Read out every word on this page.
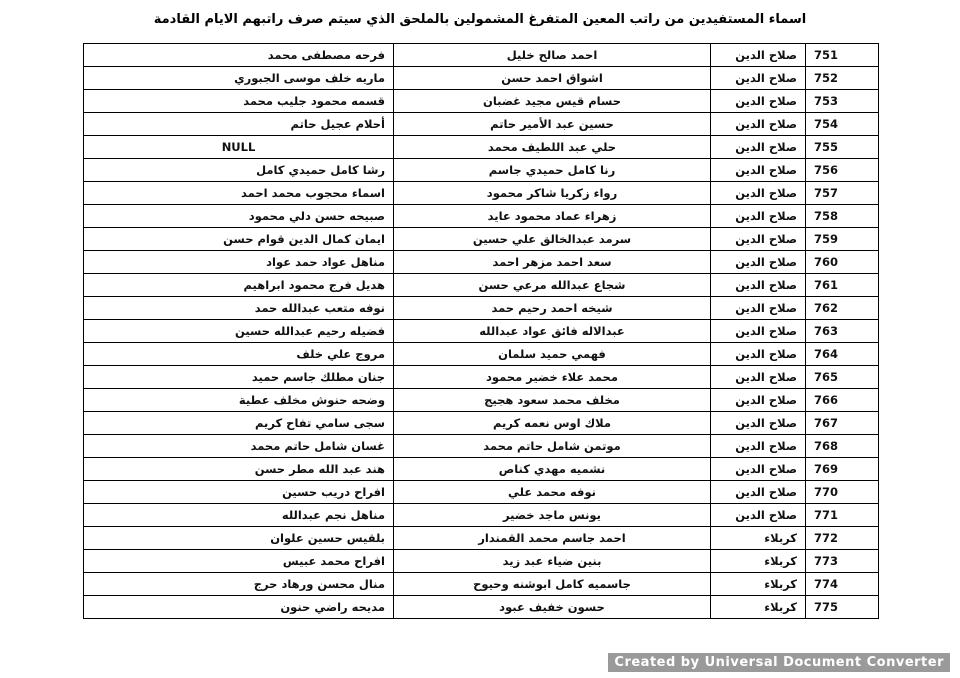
اسماء المستفيدين من راتب المعين المتفرغ المشمولين بالملحق الذي سيتم صرف راتبهم الايام القادمة
751	صلاح الدين	احمد صالح خليل	فرحه مصطفى محمد
752	صلاح الدين	اشواق احمد حسن	ماريه خلف موسى الجبوري
753	صلاح الدين	حسام قيس مجيد غضبان	قسمه محمود جليب محمد
754	صلاح الدين	حسين عبد الأمير حاتم	أحلام عجيل حاتم
755	صلاح الدين	حلي عبد اللطيف محمد	NULL
756	صلاح الدين	رنا كامل حميدي جاسم	رشا كامل حميدي كامل
757	صلاح الدين	رواء زكريا شاكر محمود	اسماء محجوب محمد احمد
758	صلاح الدين	زهراء عماد محمود عايد	صبيحه حسن دلي محمود
759	صلاح الدين	سرمد عبدالخالق علي حسين	ايمان كمال الدين قوام حسن
760	صلاح الدين	سعد احمد مزهر احمد	مناهل عواد حمد عواد
761	صلاح الدين	شجاع عبدالله مرعي حسن	هديل فرج محمود ابراهيم
762	صلاح الدين	شيخه احمد رحيم حمد	نوفه متعب عبدالله حمد
763	صلاح الدين	عبدالاله فائق عواد عبدالله	فضيله رحيم عبدالله حسين
764	صلاح الدين	فهمي حميد سلمان	مروج علي خلف
765	صلاح الدين	محمد علاء خضير محمود	جنان مطلك جاسم حميد
766	صلاح الدين	مخلف محمد سعود هجيج	وضحه حنوش مخلف عطية
767	صلاح الدين	ملاك اوس نعمه كريم	سجى سامي تفاح كريم
768	صلاح الدين	موتمن شامل حاتم محمد	غسان شامل حاتم محمد
769	صلاح الدين	نشميه مهدي كناص	هند عبد الله مطر حسن
770	صلاح الدين	نوفه محمد علي	افراح دريب حسين
771	صلاح الدين	يونس ماجد خضير	مناهل نجم عبدالله
772	كربلاء	احمد جاسم محمد القمندار	بلقيس حسين علوان
773	كربلاء	بنين ضياء عبد زيد	افراح محمد عبيس
774	كربلاء	جاسميه كامل ابوشنه وحيوح	منال محسن ورهاد حرج
775	كربلاء	حسون خفيف عبود	مديحه راضي حنون
Created by Universal Document Converter
